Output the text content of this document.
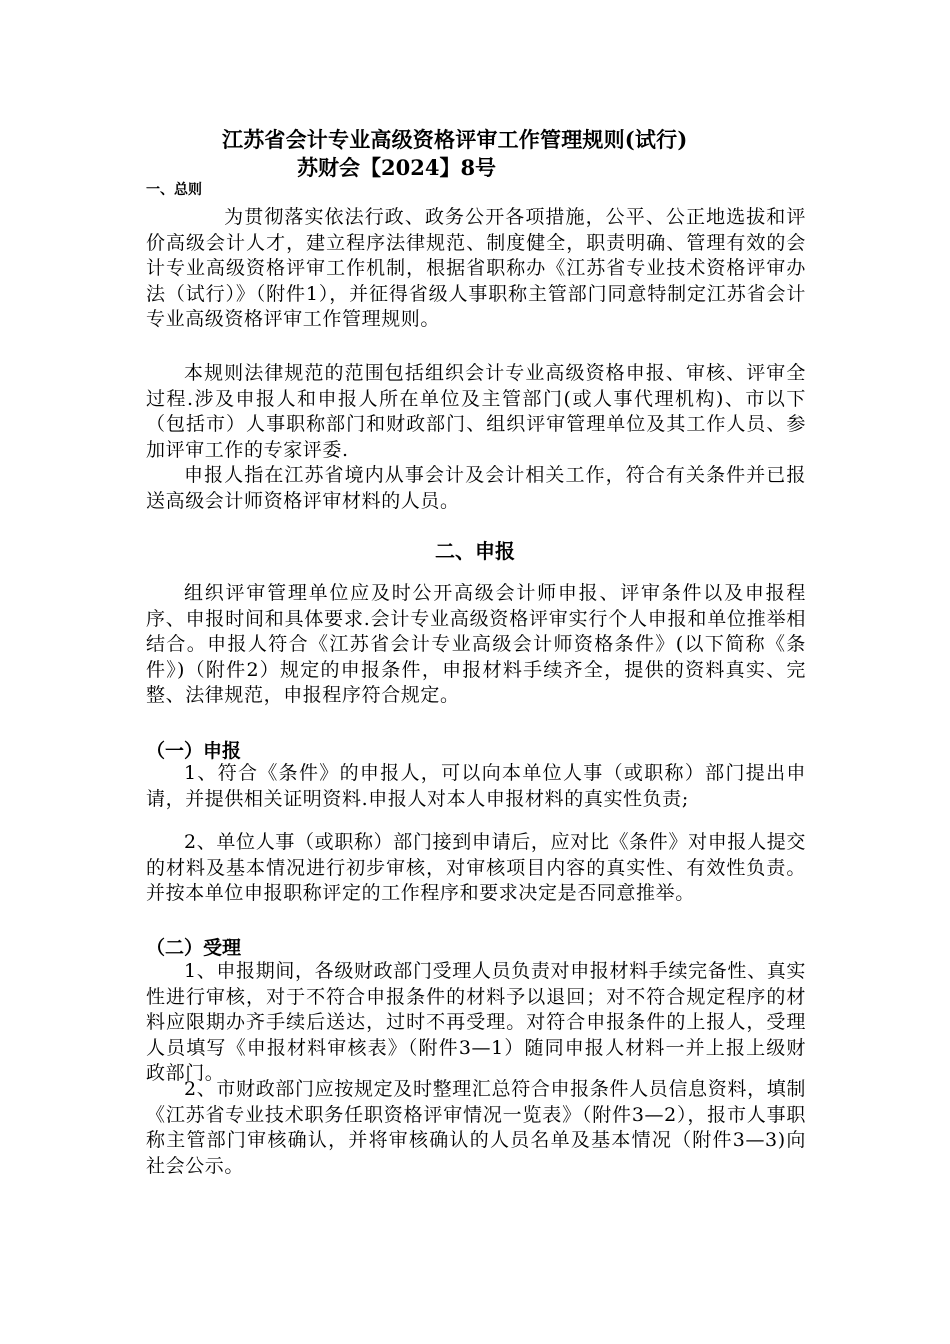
江苏省会计专业高级资格评审工作管理规则(试行)
苏财会【2024】8号
一、总则

　　为贯彻落实依法行政、政务公开各项措施，公平、公正地选拔和评价高级会计人才，建立程序法律规范、制度健全，职责明确、管理有效的会计专业高级资格评审工作机制，根据省职称办《江苏省专业技术资格评审办法（试行）》（附件1），并征得省级人事职称主管部门同意特制定江苏省会计专业高级资格评审工作管理规则。

本规则法律规范的范围包括组织会计专业高级资格申报、审核、评审全过程.涉及申报人和申报人所在单位及主管部门(或人事代理机构)、市以下（包括市）人事职称部门和财政部门、组织评审管理单位及其工作人员、参加评审工作的专家评委.

申报人指在江苏省境内从事会计及会计相关工作，符合有关条件并已报送高级会计师资格评审材料的人员。

二、申报

组织评审管理单位应及时公开高级会计师申报、评审条件以及申报程序、申报时间和具体要求.会计专业高级资格评审实行个人申报和单位推举相结合。申报人符合《江苏省会计专业高级会计师资格条件》(以下简称《条件》)（附件2）规定的申报条件，申报材料手续齐全，提供的资料真实、完整、法律规范，申报程序符合规定。

（一）申报

1、符合《条件》的申报人，可以向本单位人事（或职称）部门提出申请，并提供相关证明资料.申报人对本人申报材料的真实性负责;

2、单位人事（或职称）部门接到申请后，应对比《条件》对申报人提交的材料及基本情况进行初步审核，对审核项目内容的真实性、有效性负责。并按本单位申报职称评定的工作程序和要求决定是否同意推举。

（二）受理

1、申报期间，各级财政部门受理人员负责对申报材料手续完备性、真实性进行审核，对于不符合申报条件的材料予以退回；对不符合规定程序的材料应限期办齐手续后送达，过时不再受理。对符合申报条件的上报人，受理人员填写《申报材料审核表》（附件3—1）随同申报人材料一并上报上级财政部门。

2、市财政部门应按规定及时整理汇总符合申报条件人员信息资料，填制《江苏省专业技术职务任职资格评审情况一览表》（附件3—2），报市人事职称主管部门审核确认，并将审核确认的人员名单及基本情况（附件3—3)向社会公示。
